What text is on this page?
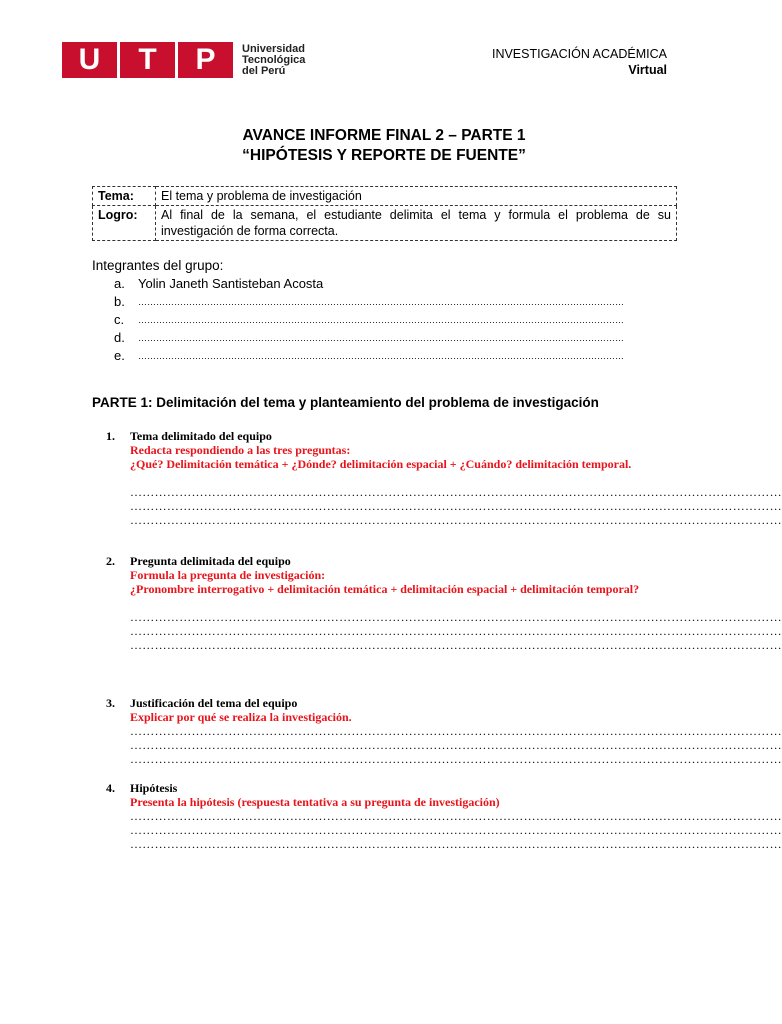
U	T	P	Universidad
Tecnológica
del Perú
INVESTIGACIÓN ACADÉMICA
Virtual
AVANCE INFORME FINAL 2 – PARTE 1
“HIPÓTESIS Y REPORTE DE FUENTE”
Tema:	El tema y problema de investigación
Logro:	Al final de la semana, el estudiante delimita el tema y formula el problema de su investigación de forma correcta.
Integrantes del grupo:
a.	Yolin Janeth Santisteban Acosta
b.	………………………………………………………………………………………………………………………………………………
c.	………………………………………………………………………………………………………………………………………………
d.	………………………………………………………………………………………………………………………………………………
e.	………………………………………………………………………………………………………………………………………………
PARTE 1: Delimitación del tema y planteamiento del problema de investigación
1. Tema delimitado del equipo
Redacta respondiendo a las tres preguntas:
¿Qué? Delimitación temática + ¿Dónde? delimitación espacial + ¿Cuándo? delimitación temporal.
……………………………………………………………………………………………………………………………………………
……………………………………………………………………………………………………………………………………………
……………………………………………………………………………………………………………………………………………
2. Pregunta delimitada del equipo
Formula la pregunta de investigación:
¿Pronombre interrogativo + delimitación temática + delimitación espacial + delimitación temporal?
……………………………………………………………………………………………………………………………………………
……………………………………………………………………………………………………………………………………………
……………………………………………………………………………………………………………………………………………
3. Justificación del tema del equipo
Explicar por qué se realiza la investigación.
……………………………………………………………………………………………………………………………………………
……………………………………………………………………………………………………………………………………………
……………………………………………………………………………………………………………………………………………
4. Hipótesis
Presenta la hipótesis (respuesta tentativa a su pregunta de investigación)
……………………………………………………………………………………………………………………………………………
……………………………………………………………………………………………………………………………………………
……………………………………………………………………………………………………………………………………………
